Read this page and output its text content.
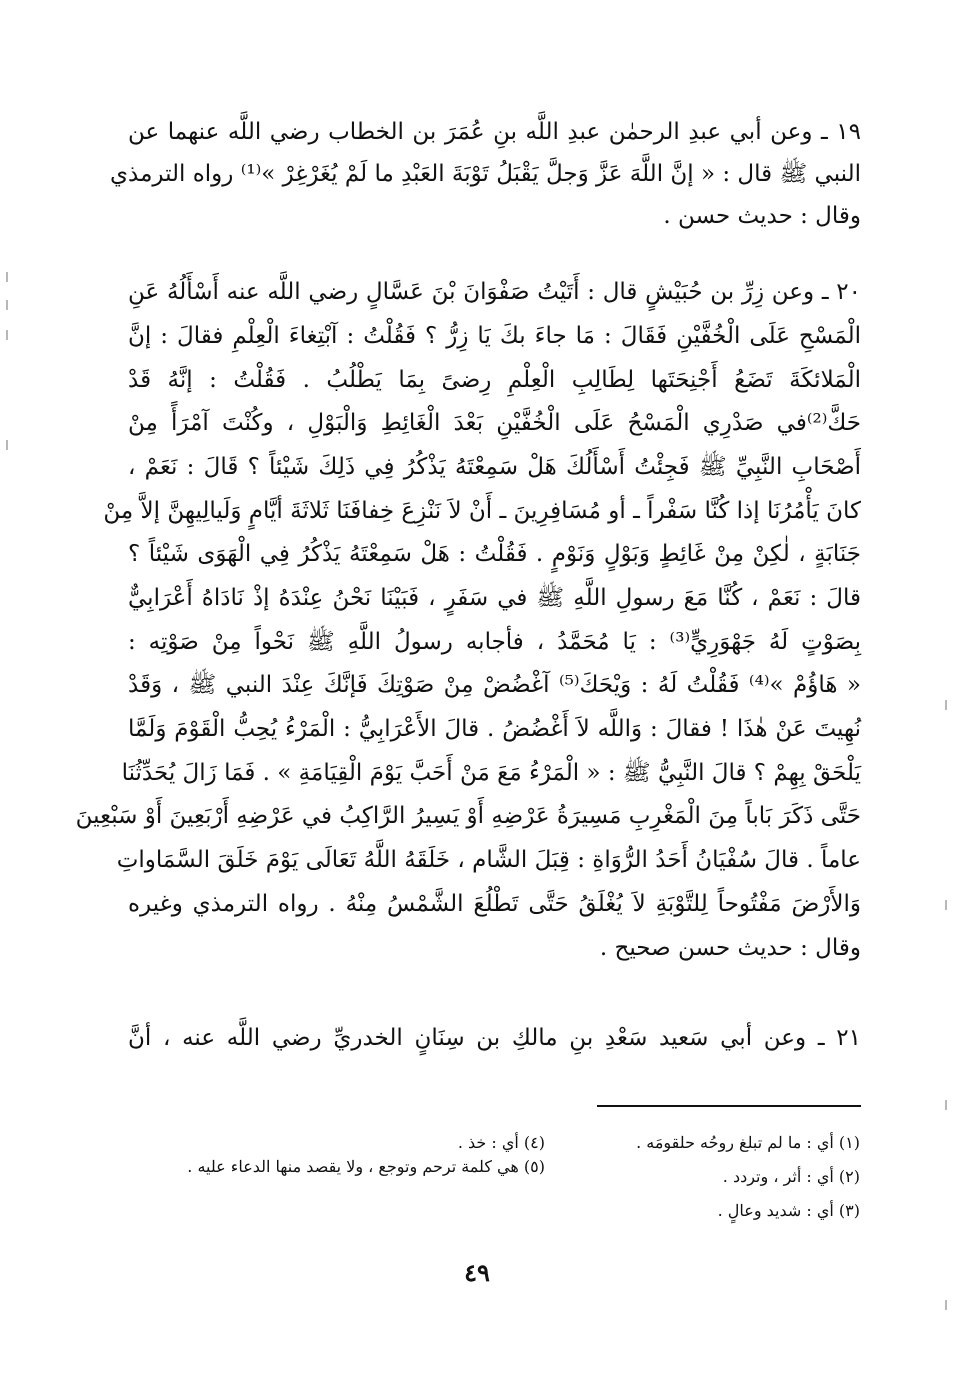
١٩ ـ وعن أبي عبدِ الرحمٰن عبدِ اللَّه بنِ عُمَرَ بن الخطاب رضي اللَّه عنهما عن
النبي ﷺ قال : « إنَّ اللَّهَ عَزَّ وَجلَّ يَقْبَلُ تَوْبَةَ العَبْدِ ما لَمْ يُغَرْغِرْ »⁽¹⁾ رواه الترمذي
وقال : حديث حسن .
٢٠ ـ وعن زِرِّ بن حُبَيْشٍ قال : أَتَيْتُ صَفْوَانَ بْنَ عَسَّالٍ رضي اللَّه عنه أَسْأَلُهُ عَنِ
الْمَسْحِ عَلَى الْخُفَّيْنِ فَقَالَ : مَا جاءَ بكَ يَا زِرُّ ؟ فَقُلْتُ : آبْتِغاءَ الْعِلْمِ فقالَ : إنَّ
الْمَلائكَةَ تَضَعُ أَجْنِحَتَها لِطَالِبِ الْعِلْمِ رِضىً بِمَا يَطْلُبُ . فَقُلْتُ : إنَّهُ قَدْ
حَكَّ⁽²⁾في صَدْرِي الْمَسْحُ عَلَى الْخُفَّيْنِ بَعْدَ الْغَائِطِ وَالْبَوْلِ ، وكُنْتَ آمْرَأً مِنْ
أَصْحَابِ النَّبِيِّ ﷺ فَجِئْتُ أَسْأَلُكَ هَلْ سَمِعْتَهُ يَذْكُرُ فِي ذَلِكَ شَيْئاً ؟ قَالَ : نَعَمْ ،
كانَ يَأْمُرُنَا إذا كُنَّا سَفْراً ـ أو مُسَافِرِينَ ـ أَنْ لاَ نَنْزِعَ خِفافَنَا ثَلاثَةَ أيَّامٍ وَلَيالِيهِنَّ إلاَّ مِنْ
جَنَابَةٍ ، لٰكِنْ مِنْ غَائِطٍ وَبَوْلٍ وَنَوْمٍ . فَقُلْتُ : هَلْ سَمِعْتَهُ يَذْكُرُ فِي الْهَوَى شَيْئاً ؟
قالَ : نَعَمْ ، كُنَّا مَعَ رسولِ اللَّهِ ﷺ في سَفَرٍ ، فَبَيْنَا نَحْنُ عِنْدَهُ إذْ نَادَاهُ أَعْرَابِيٌّ
بِصَوْتٍ لَهُ جَهْوَرِيٍّ⁽³⁾ : يَا مُحَمَّدُ ، فأجابه رسولُ اللَّهِ ﷺ نَحْواً مِنْ صَوْتِه :
« هَاؤُمْ »⁽⁴⁾ فَقُلْتُ لَهُ : وَيْحَكَ⁽⁵⁾ آغْضُضْ مِنْ صَوْتِكَ فَإنَّكَ عِنْدَ النبي ﷺ ، وَقَدْ
نُهِيتَ عَنْ هٰذَا ! فقالَ : وَاللَّه لاَ أَغْضُضُ . قالَ الأَعْرَابِيُّ : الْمَرْءُ يُحِبُّ الْقَوْمَ وَلَمَّا
يَلْحَقْ بِهِمْ ؟ قالَ النَّبِيُّ ﷺ : « الْمَرْءُ مَعَ مَنْ أَحَبَّ يَوْمَ الْقِيَامَةِ » . فَمَا زَالَ يُحَدِّثُنَا
حَتَّى ذَكَرَ بَاباً مِنَ الْمَغْرِبِ مَسِيرَةُ عَرْضِهِ أَوْ يَسِيرُ الرَّاكِبُ في عَرْضِهِ أَرْبَعِينَ أَوْ سَبْعِينَ
عاماً . قالَ سُفْيَانُ أَحَدُ الرُّوَاةِ : قِبَلَ الشَّام ، خَلَقَهُ اللَّهُ تَعَالَى يَوْمَ خَلَقَ السَّمَاواتِ
وَالأَرْضَ مَفْتُوحاً لِلتَّوْبَةِ لاَ يُغْلَقُ حَتَّى تَطْلُعَ الشَّمْسُ مِنْهُ . رواه الترمذي وغيره
وقال : حديث حسن صحيح .
٢١ ـ وعن أبي سَعيد سَعْدِ بنِ مالكِ بن سِنَانٍ الخدريِّ رضي اللَّه عنه ، أنَّ
(١) أي : ما لم تبلغ روحُه حلقومَه .
(٢) أي : أثر ، وتردد .
(٣) أي : شديد وعالٍ .
(٤) أي : خذ .
(٥) هي كلمة ترحم وتوجع ، ولا يقصد منها الدعاء عليه .
٤٩
